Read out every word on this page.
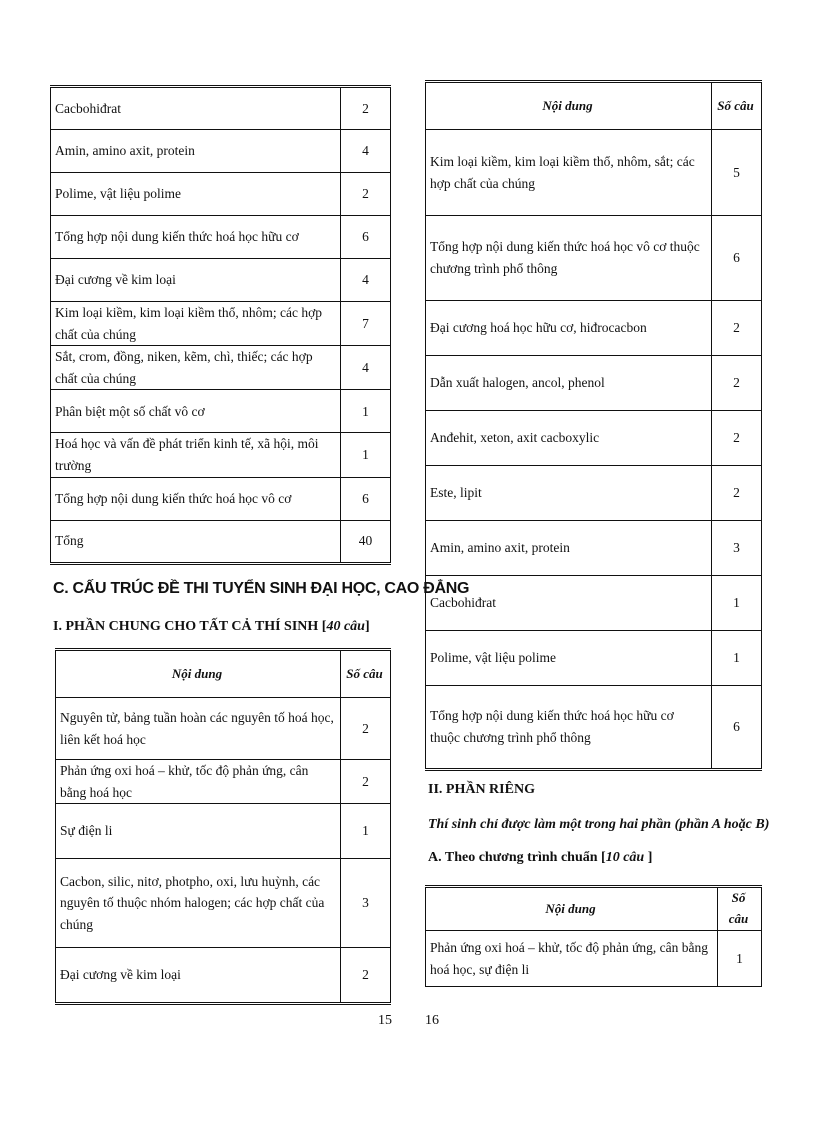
Cacbohiđrat	2
Amin, amino axit, protein	4
Polime, vật liệu polime	2
Tổng hợp nội dung kiến thức hoá học hữu cơ	6
Đại cương về kim loại	4
Kim loại kiềm, kim loại kiềm thổ, nhôm; các hợp chất của chúng	7
Sắt, crom, đồng, niken, kẽm, chì, thiếc; các hợp chất của chúng	4
Phân biệt một số chất vô cơ	1
Hoá học và vấn đề phát triển kinh tế, xã hội, môi trường	1
Tổng hợp nội dung kiến thức hoá học vô cơ	6
Tổng	40
C. CẤU TRÚC ĐỀ THI TUYỂN SINH ĐẠI HỌC, CAO ĐẲNG
I. PHẦN CHUNG CHO TẤT CẢ THÍ SINH [40 câu]
Nội dung	Số câu
Nguyên tử, bảng tuần hoàn các nguyên tố hoá học, liên kết hoá học	2
Phản ứng oxi hoá – khử, tốc độ phản ứng, cân bằng hoá học	2
Sự điện li	1
Cacbon, silic, nitơ, photpho, oxi, lưu huỳnh, các nguyên tố thuộc nhóm halogen; các hợp chất của chúng	3
Đại cương về kim loại	2
15
Nội dung	Số câu
Kim loại kiềm, kim loại kiềm thổ, nhôm, sắt; các hợp chất của chúng	5
Tổng hợp nội dung kiến thức hoá học vô cơ thuộc chương trình phổ thông	6
Đại cương hoá học hữu cơ, hiđrocacbon	2
Dẫn xuất halogen, ancol, phenol	2
Anđehit, xeton, axit cacboxylic	2
Este, lipit	2
Amin, amino axit, protein	3
Cacbohiđrat	1
Polime, vật liệu polime	1
Tổng hợp nội dung kiến thức hoá học hữu cơ thuộc chương trình phổ thông	6
II. PHẦN RIÊNG
Thí sinh chỉ được làm một trong hai phần (phần A hoặc B)
A. Theo chương trình chuẩn [10 câu ]
Nội dung	Số câu
Phản ứng oxi hoá – khử, tốc độ phản ứng, cân bằng hoá học, sự điện li	1
16
